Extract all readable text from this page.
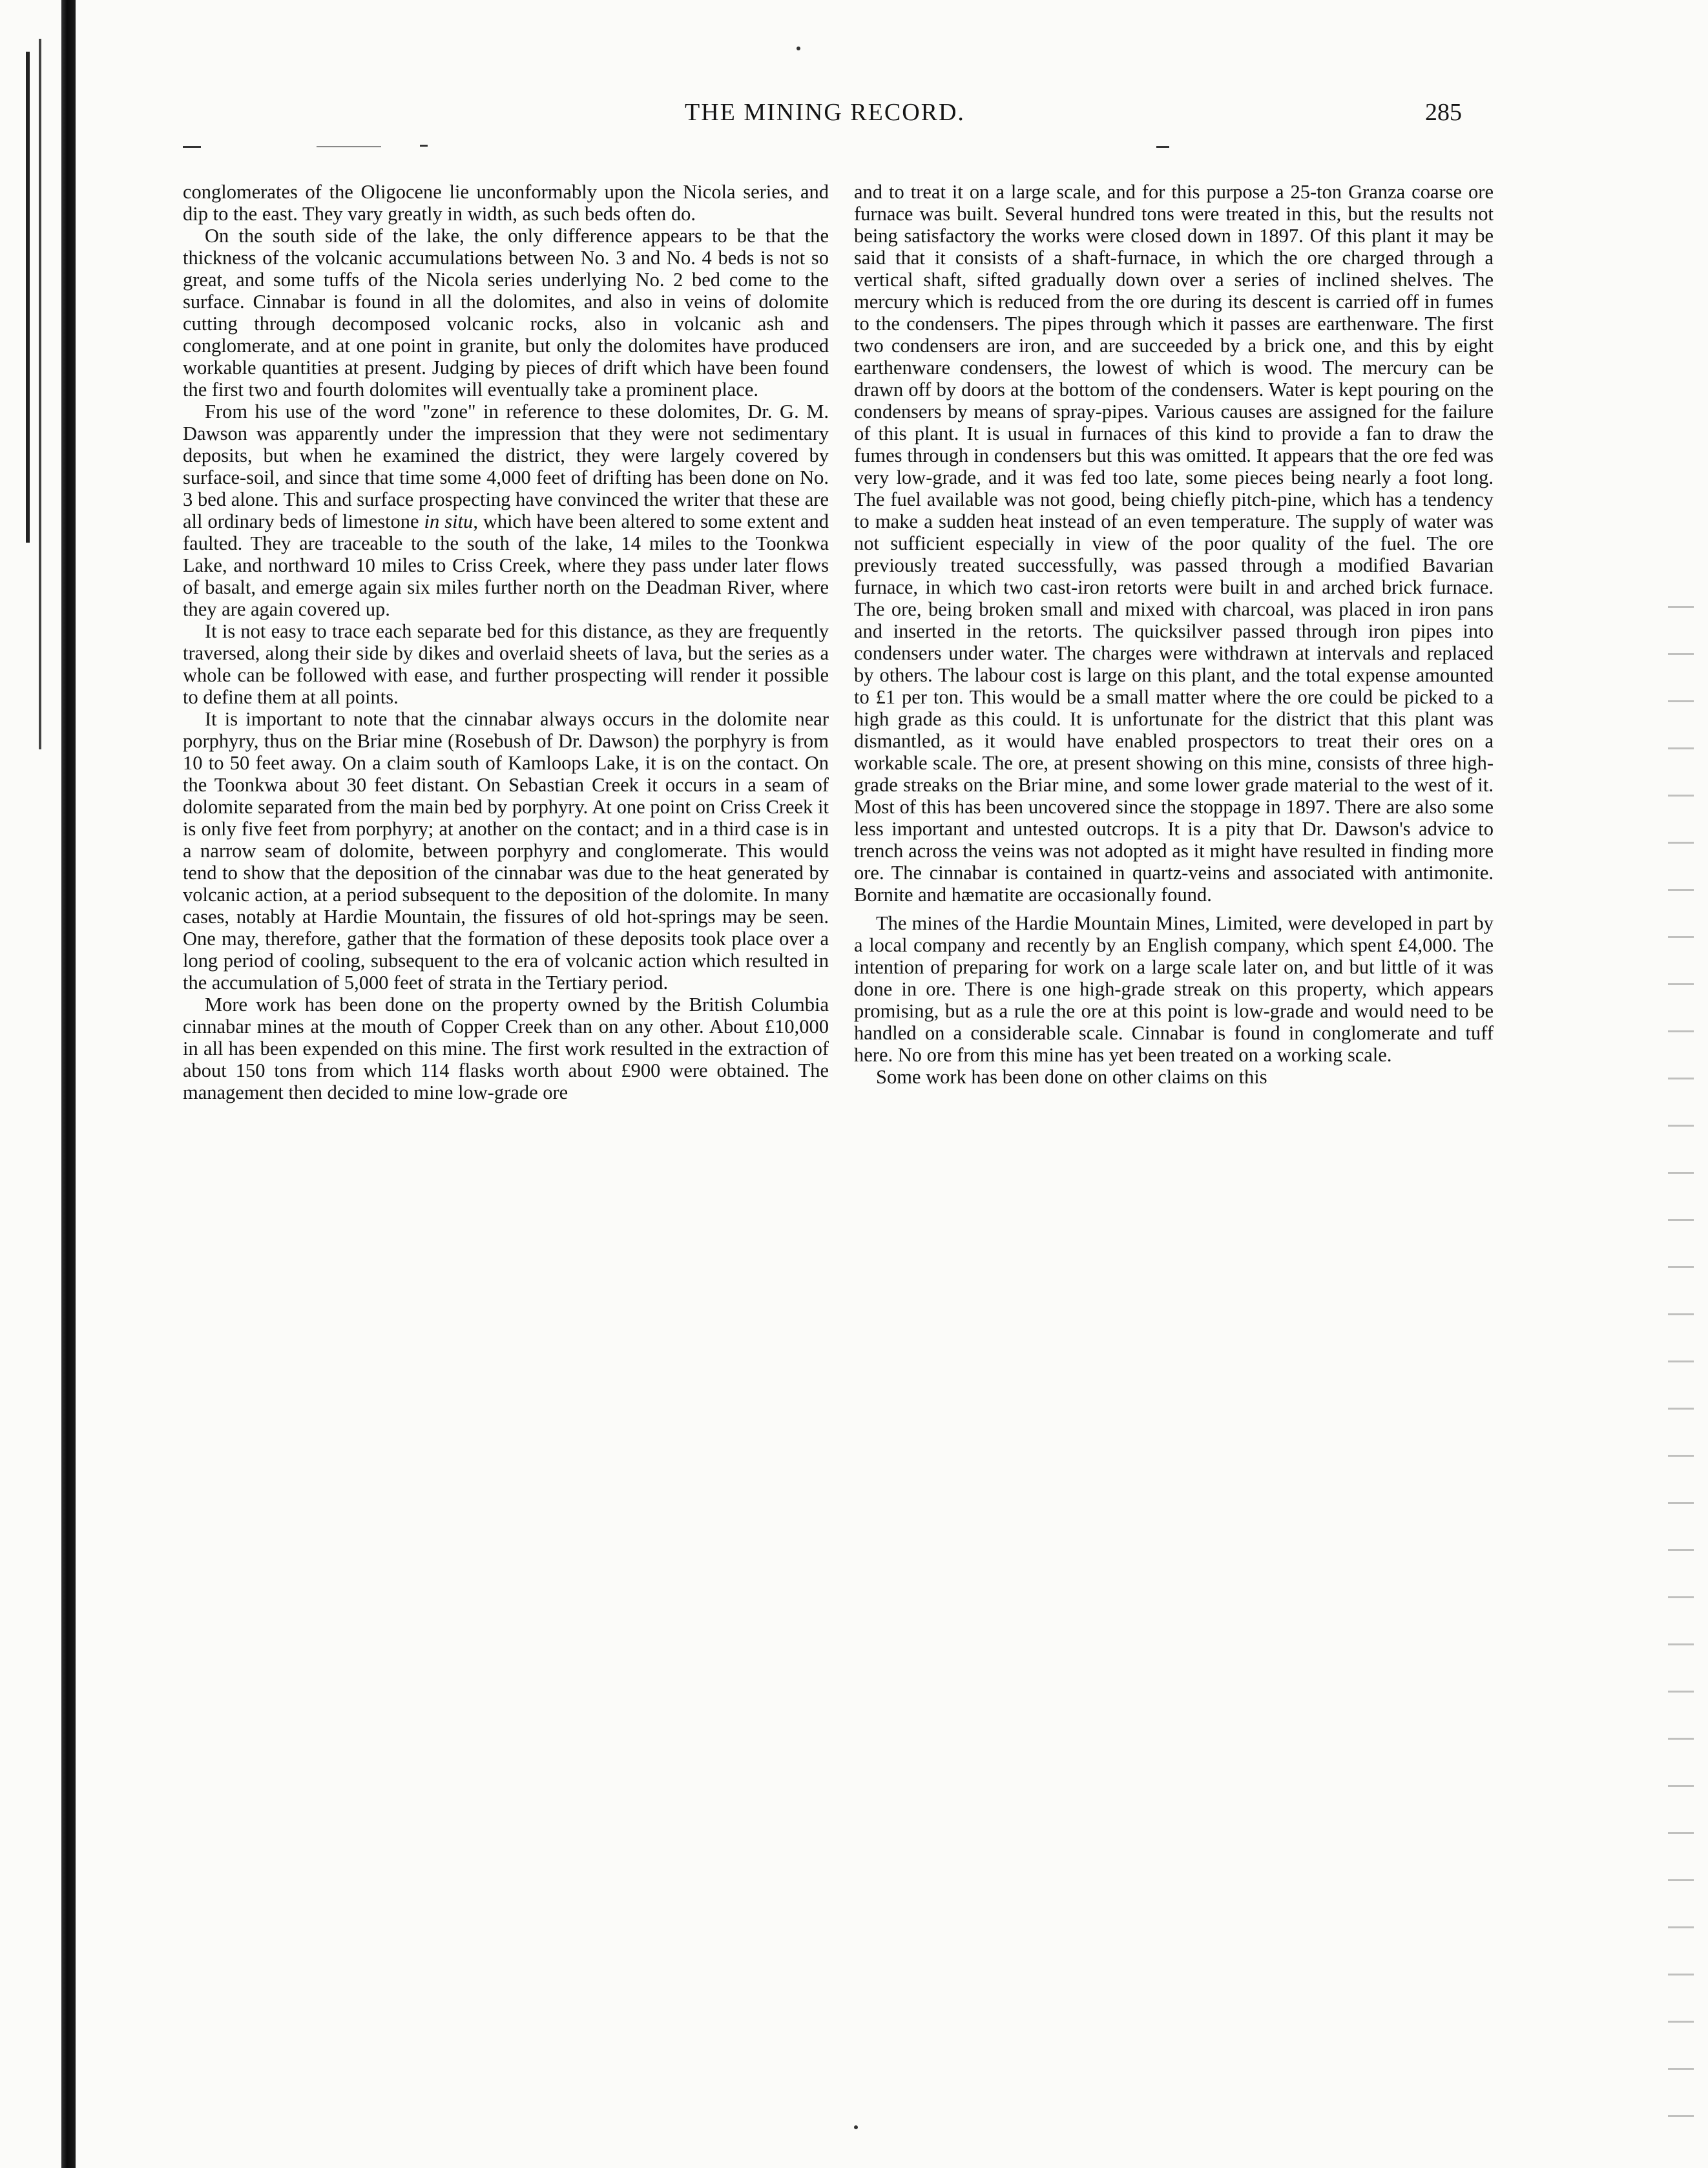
THE MINING RECORD.	285

conglomerates of the Oligocene lie unconformably upon the Nicola series, and dip to the east. They vary greatly in width, as such beds often do.

On the south side of the lake, the only difference appears to be that the thickness of the volcanic accumulations between No. 3 and No. 4 beds is not so great, and some tuffs of the Nicola series underlying No. 2 bed come to the surface. Cinnabar is found in all the dolomites, and also in veins of dolomite cutting through decomposed volcanic rocks, also in volcanic ash and conglomerate, and at one point in granite, but only the dolomites have produced workable quantities at present. Judging by pieces of drift which have been found the first two and fourth dolomites will eventually take a prominent place.

From his use of the word "zone" in reference to these dolomites, Dr. G. M. Dawson was apparently under the impression that they were not sedimentary deposits, but when he examined the district, they were largely covered by surface-soil, and since that time some 4,000 feet of drifting has been done on No. 3 bed alone. This and surface prospecting have convinced the writer that these are all ordinary beds of limestone in situ, which have been altered to some extent and faulted. They are traceable to the south of the lake, 14 miles to the Toonkwa Lake, and northward 10 miles to Criss Creek, where they pass under later flows of basalt, and emerge again six miles further north on the Deadman River, where they are again covered up.

It is not easy to trace each separate bed for this distance, as they are frequently traversed, along their side by dikes and overlaid sheets of lava, but the series as a whole can be followed with ease, and further prospecting will render it possible to define them at all points.

It is important to note that the cinnabar always occurs in the dolomite near porphyry, thus on the Briar mine (Rosebush of Dr. Dawson) the porphyry is from 10 to 50 feet away. On a claim south of Kamloops Lake, it is on the contact. On the Toonkwa about 30 feet distant. On Sebastian Creek it occurs in a seam of dolomite separated from the main bed by porphyry. At one point on Criss Creek it is only five feet from porphyry; at another on the contact; and in a third case is in a narrow seam of dolomite, between porphyry and conglomerate. This would tend to show that the deposition of the cinnabar was due to the heat generated by volcanic action, at a period subsequent to the deposition of the dolomite. In many cases, notably at Hardie Mountain, the fissures of old hot-springs may be seen. One may, therefore, gather that the formation of these deposits took place over a long period of cooling, subsequent to the era of volcanic action which resulted in the accumulation of 5,000 feet of strata in the Tertiary period.

More work has been done on the property owned by the British Columbia cinnabar mines at the mouth of Copper Creek than on any other. About £10,000 in all has been expended on this mine. The first work resulted in the extraction of about 150 tons from which 114 flasks worth about £900 were obtained. The management then decided to mine low-grade ore

and to treat it on a large scale, and for this purpose a 25-ton Granza coarse ore furnace was built. Several hundred tons were treated in this, but the results not being satisfactory the works were closed down in 1897. Of this plant it may be said that it consists of a shaft-furnace, in which the ore charged through a vertical shaft, sifted gradually down over a series of inclined shelves. The mercury which is reduced from the ore during its descent is carried off in fumes to the condensers. The pipes through which it passes are earthenware. The first two condensers are iron, and are succeeded by a brick one, and this by eight earthenware condensers, the lowest of which is wood. The mercury can be drawn off by doors at the bottom of the condensers. Water is kept pouring on the condensers by means of spray-pipes. Various causes are assigned for the failure of this plant. It is usual in furnaces of this kind to provide a fan to draw the fumes through in condensers but this was omitted. It appears that the ore fed was very low-grade, and it was fed too late, some pieces being nearly a foot long. The fuel available was not good, being chiefly pitch-pine, which has a tendency to make a sudden heat instead of an even temperature. The supply of water was not sufficient especially in view of the poor quality of the fuel. The ore previously treated successfully, was passed through a modified Bavarian furnace, in which two cast-iron retorts were built in and arched brick furnace. The ore, being broken small and mixed with charcoal, was placed in iron pans and inserted in the retorts. The quicksilver passed through iron pipes into condensers under water. The charges were withdrawn at intervals and replaced by others. The labour cost is large on this plant, and the total expense amounted to £1 per ton. This would be a small matter where the ore could be picked to a high grade as this could. It is unfortunate for the district that this plant was dismantled, as it would have enabled prospectors to treat their ores on a workable scale. The ore, at present showing on this mine, consists of three high-grade streaks on the Briar mine, and some lower grade material to the west of it. Most of this has been uncovered since the stoppage in 1897. There are also some less important and untested outcrops. It is a pity that Dr. Dawson's advice to trench across the veins was not adopted as it might have resulted in finding more ore. The cinnabar is contained in quartz-veins and associated with antimonite. Bornite and hæmatite are occasionally found.

The mines of the Hardie Mountain Mines, Limited, were developed in part by a local company and recently by an English company, which spent £4,000. The intention of preparing for work on a large scale later on, and but little of it was done in ore. There is one high-grade streak on this property, which appears promising, but as a rule the ore at this point is low-grade and would need to be handled on a considerable scale. Cinnabar is found in conglomerate and tuff here. No ore from this mine has yet been treated on a working scale.

Some work has been done on other claims on this
